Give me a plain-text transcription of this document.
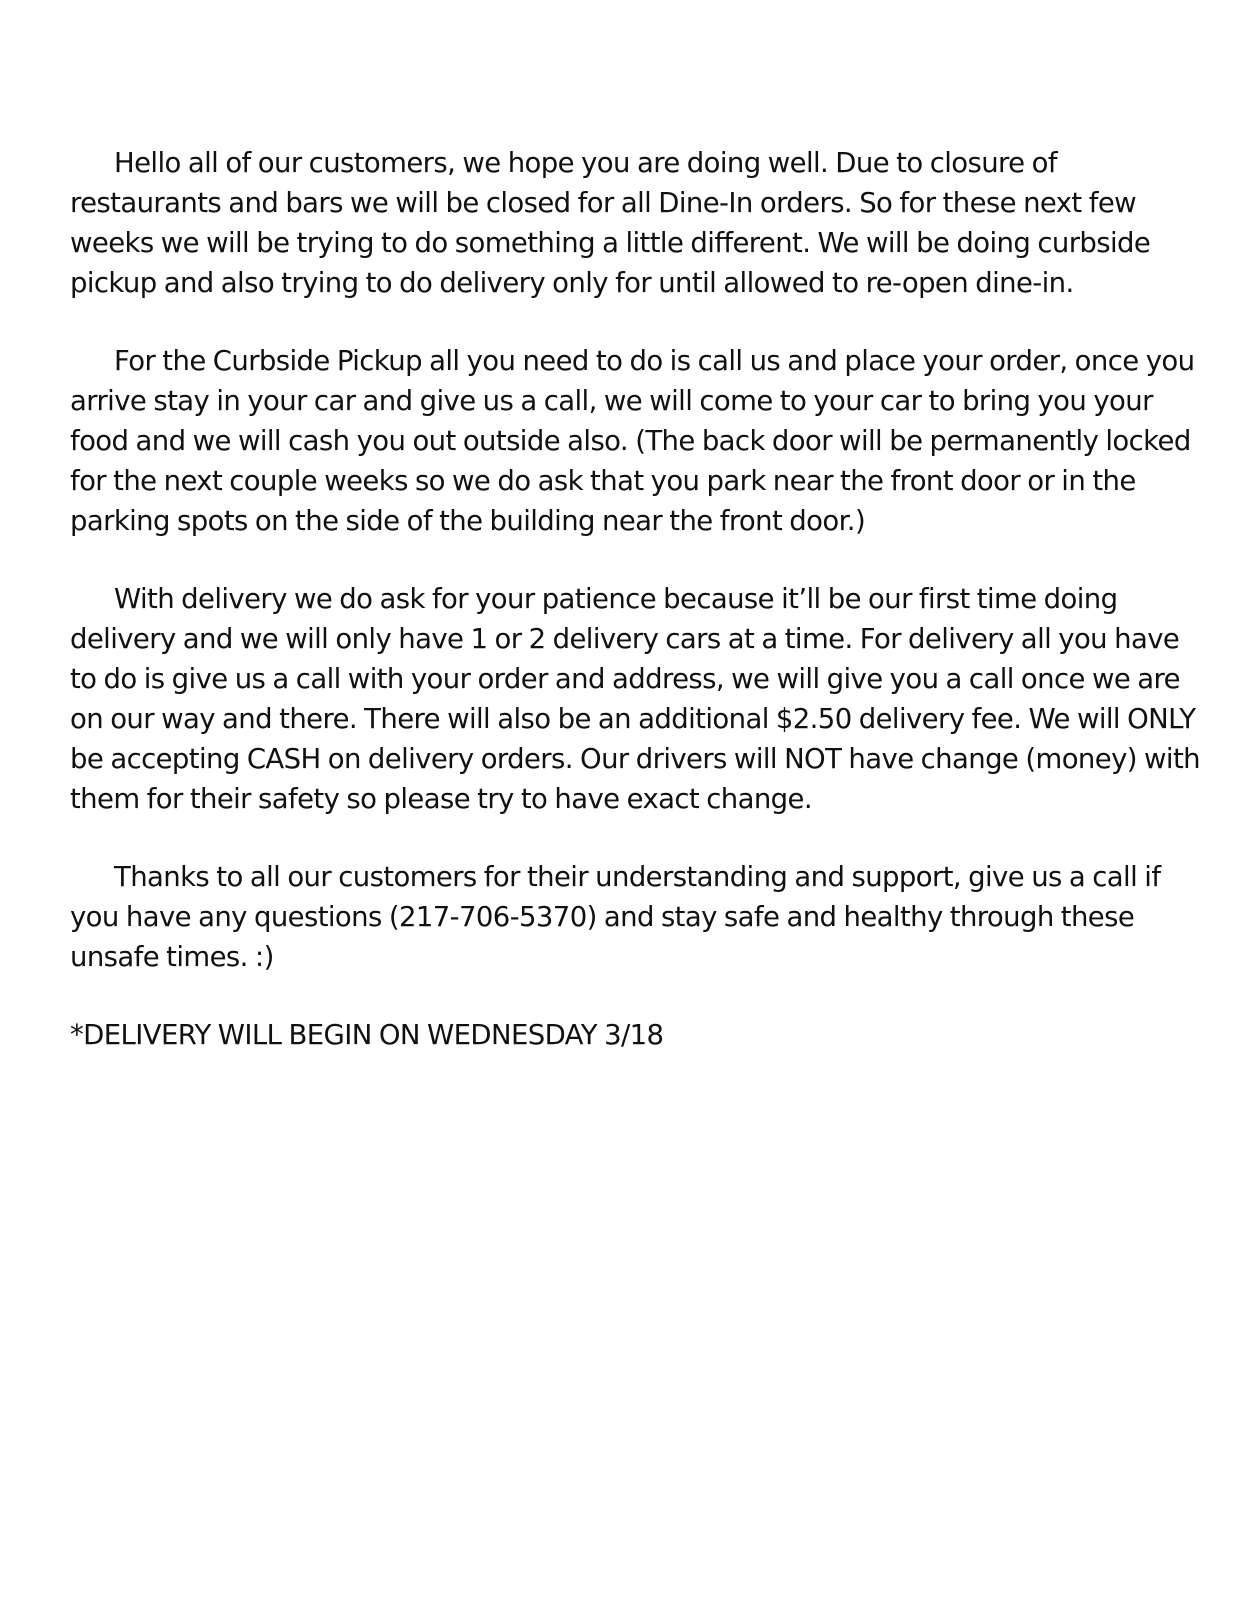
Hello all of our customers, we hope you are doing well. Due to closure of restaurants and bars we will be closed for all Dine-In orders. So for these next few weeks we will be trying to do something a little different. We will be doing curbside pickup and also trying to do delivery only for until allowed to re-open dine-in.

For the Curbside Pickup all you need to do is call us and place your order, once you arrive stay in your car and give us a call, we will come to your car to bring you your food and we will cash you out outside also. (The back door will be permanently locked for the next couple weeks so we do ask that you park near the front door or in the parking spots on the side of the building near the front door.)

With delivery we do ask for your patience because it’ll be our first time doing delivery and we will only have 1 or 2 delivery cars at a time. For delivery all you have to do is give us a call with your order and address, we will give you a call once we are on our way and there. There will also be an additional $2.50 delivery fee. We will ONLY be accepting CASH on delivery orders. Our drivers will NOT have change (money) with them for their safety so please try to have exact change.

Thanks to all our customers for their understanding and support, give us a call if you have any questions (217-706-5370) and stay safe and healthy through these unsafe times. :)

*DELIVERY WILL BEGIN ON WEDNESDAY 3/18
